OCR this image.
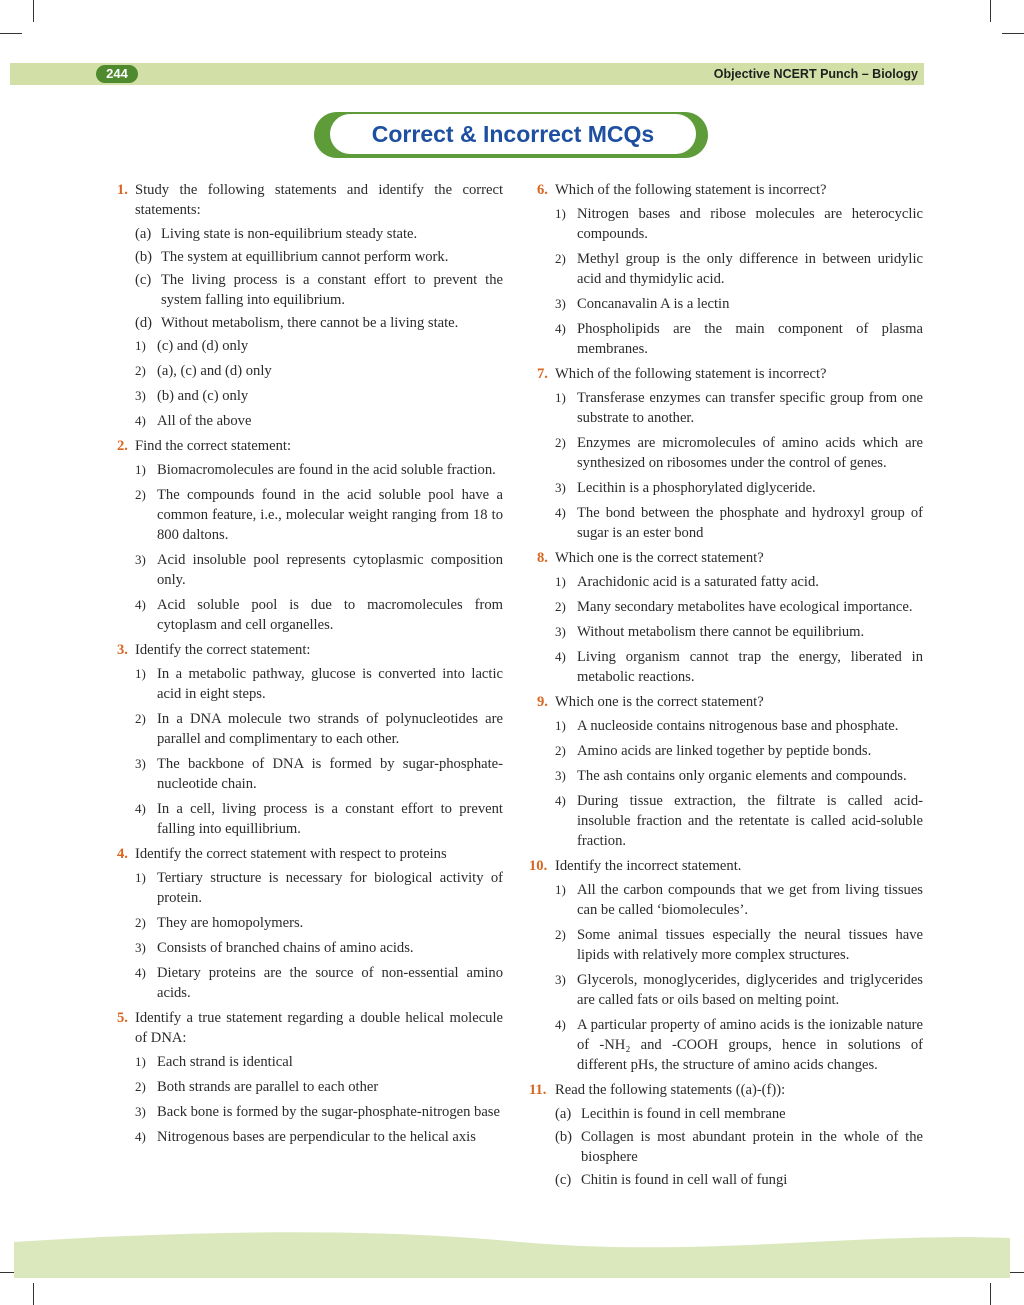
244	Objective NCERT Punch – Biology
Correct & Incorrect MCQs
1. Study the following statements and identify the correct statements:
(a) Living state is non-equilibrium steady state.
(b) The system at equillibrium cannot perform work.
(c) The living process is a constant effort to prevent the system falling into equilibrium.
(d) Without metabolism, there cannot be a living state.
1) (c) and (d) only
2) (a), (c) and (d) only
3) (b) and (c) only
4) All of the above
2. Find the correct statement:
1) Biomacromolecules are found in the acid soluble fraction.
2) The compounds found in the acid soluble pool have a common feature, i.e., molecular weight ranging from 18 to 800 daltons.
3) Acid insoluble pool represents cytoplasmic composition only.
4) Acid soluble pool is due to macromolecules from cytoplasm and cell organelles.
3. Identify the correct statement:
1) In a metabolic pathway, glucose is converted into lactic acid in eight steps.
2) In a DNA molecule two strands of polynucleotides are parallel and complimentary to each other.
3) The backbone of DNA is formed by sugar-phosphate-nucleotide chain.
4) In a cell, living process is a constant effort to prevent falling into equillibrium.
4. Identify the correct statement with respect to proteins
1) Tertiary structure is necessary for biological activity of protein.
2) They are homopolymers.
3) Consists of branched chains of amino acids.
4) Dietary proteins are the source of non-essential amino acids.
5. Identify a true statement regarding a double helical molecule of DNA:
1) Each strand is identical
2) Both strands are parallel to each other
3) Back bone is formed by the sugar-phosphate-nitrogen base
4) Nitrogenous bases are perpendicular to the helical axis
6. Which of the following statement is incorrect?
1) Nitrogen bases and ribose molecules are heterocyclic compounds.
2) Methyl group is the only difference in between uridylic acid and thymidylic acid.
3) Concanavalin A is a lectin
4) Phospholipids are the main component of plasma membranes.
7. Which of the following statement is incorrect?
1) Transferase enzymes can transfer specific group from one substrate to another.
2) Enzymes are micromolecules of amino acids which are synthesized on ribosomes under the control of genes.
3) Lecithin is a phosphorylated diglyceride.
4) The bond between the phosphate and hydroxyl group of sugar is an ester bond
8. Which one is the correct statement?
1) Arachidonic acid is a saturated fatty acid.
2) Many secondary metabolites have ecological importance.
3) Without metabolism there cannot be equilibrium.
4) Living organism cannot trap the energy, liberated in metabolic reactions.
9. Which one is the correct statement?
1) A nucleoside contains nitrogenous base and phosphate.
2) Amino acids are linked together by peptide bonds.
3) The ash contains only organic elements and compounds.
4) During tissue extraction, the filtrate is called acid-insoluble fraction and the retentate is called acid-soluble fraction.
10. Identify the incorrect statement.
1) All the carbon compounds that we get from living tissues can be called ‘biomolecules’.
2) Some animal tissues especially the neural tissues have lipids with relatively more complex structures.
3) Glycerols, monoglycerides, diglycerides and triglycerides are called fats or oils based on melting point.
4) A particular property of amino acids is the ionizable nature of -NH₂ and -COOH groups, hence in solutions of different pHs, the structure of amino acids changes.
11. Read the following statements ((a)-(f)):
(a) Lecithin is found in cell membrane
(b) Collagen is most abundant protein in the whole of the biosphere
(c) Chitin is found in cell wall of fungi
